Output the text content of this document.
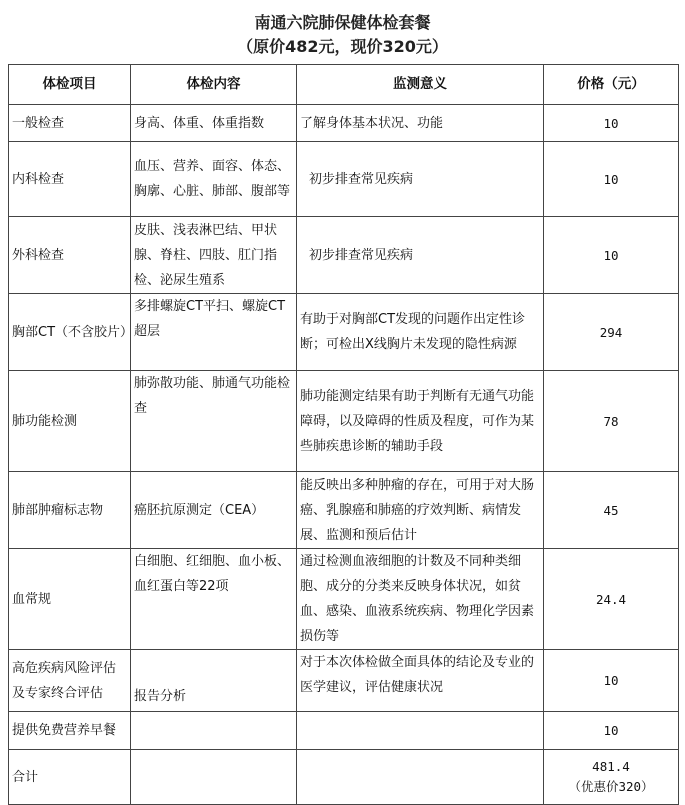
南通六院肺保健体检套餐
（原价482元，现价320元）
体检项目	体检内容	监测意义	价格（元）
一般检查	身高、体重、体重指数	了解身体基本状况、功能	10
内科检查	血压、营养、面容、体态、胸廓、心脏、肺部、腹部等	初步排查常见疾病	10
外科检查	皮肤、浅表淋巴结、甲状腺、脊柱、四肢、肛门指检、泌尿生殖系	初步排查常见疾病	10
胸部CT（不含胶片）	多排螺旋CT平扫、螺旋CT超层	有助于对胸部CT发现的问题作出定性诊断；可检出X线胸片未发现的隐性病源	294
肺功能检测	肺弥散功能、肺通气功能检查	肺功能测定结果有助于判断有无通气功能障碍，以及障碍的性质及程度，可作为某些肺疾患诊断的辅助手段	78
肺部肿瘤标志物	癌胚抗原测定（CEA）	能反映出多种肿瘤的存在，可用于对大肠癌、乳腺癌和肺癌的疗效判断、病情发展、监测和预后估计	45
血常规	白细胞、红细胞、血小板、血红蛋白等22项	通过检测血液细胞的计数及不同种类细胞、成分的分类来反映身体状况，如贫血、感染、血液系统疾病、物理化学因素损伤等	24.4
高危疾病风险评估及专家终合评估	报告分析	对于本次体检做全面具体的结论及专业的医学建议，评估健康状况	10
提供免费营养早餐			10
合计			481.4
（优惠价320）
